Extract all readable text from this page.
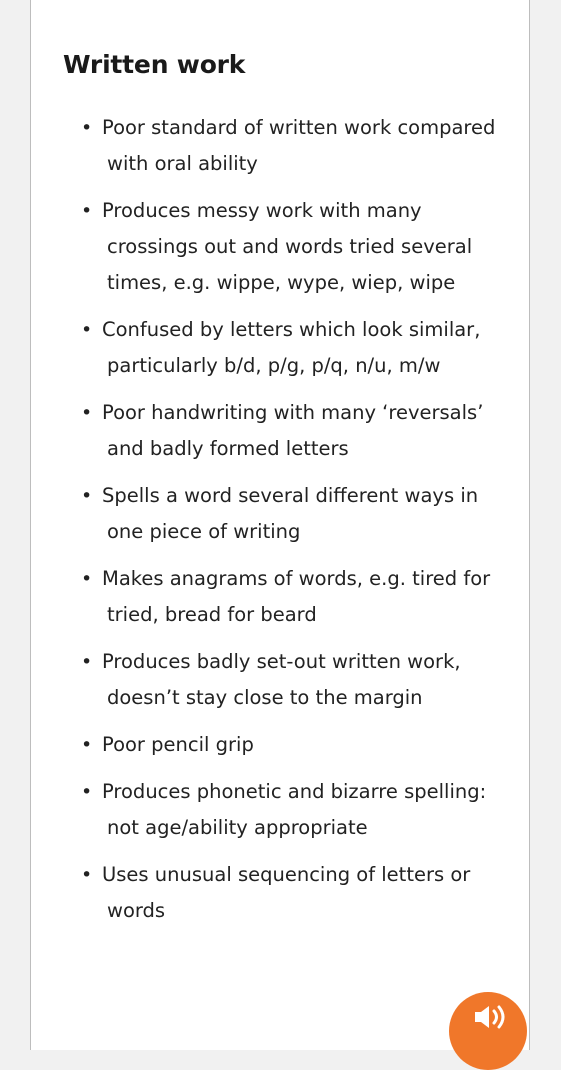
Written work
• Poor standard of written work compared with oral ability
• Produces messy work with many crossings out and words tried several times, e.g. wippe, wype, wiep, wipe
• Confused by letters which look similar, particularly b/d, p/g, p/q, n/u, m/w
• Poor handwriting with many ‘reversals’ and badly formed letters
• Spells a word several different ways in one piece of writing
• Makes anagrams of words, e.g. tired for tried, bread for beard
• Produces badly set-out written work, doesn’t stay close to the margin
• Poor pencil grip
• Produces phonetic and bizarre spelling: not age/ability appropriate
• Uses unusual sequencing of letters or words
